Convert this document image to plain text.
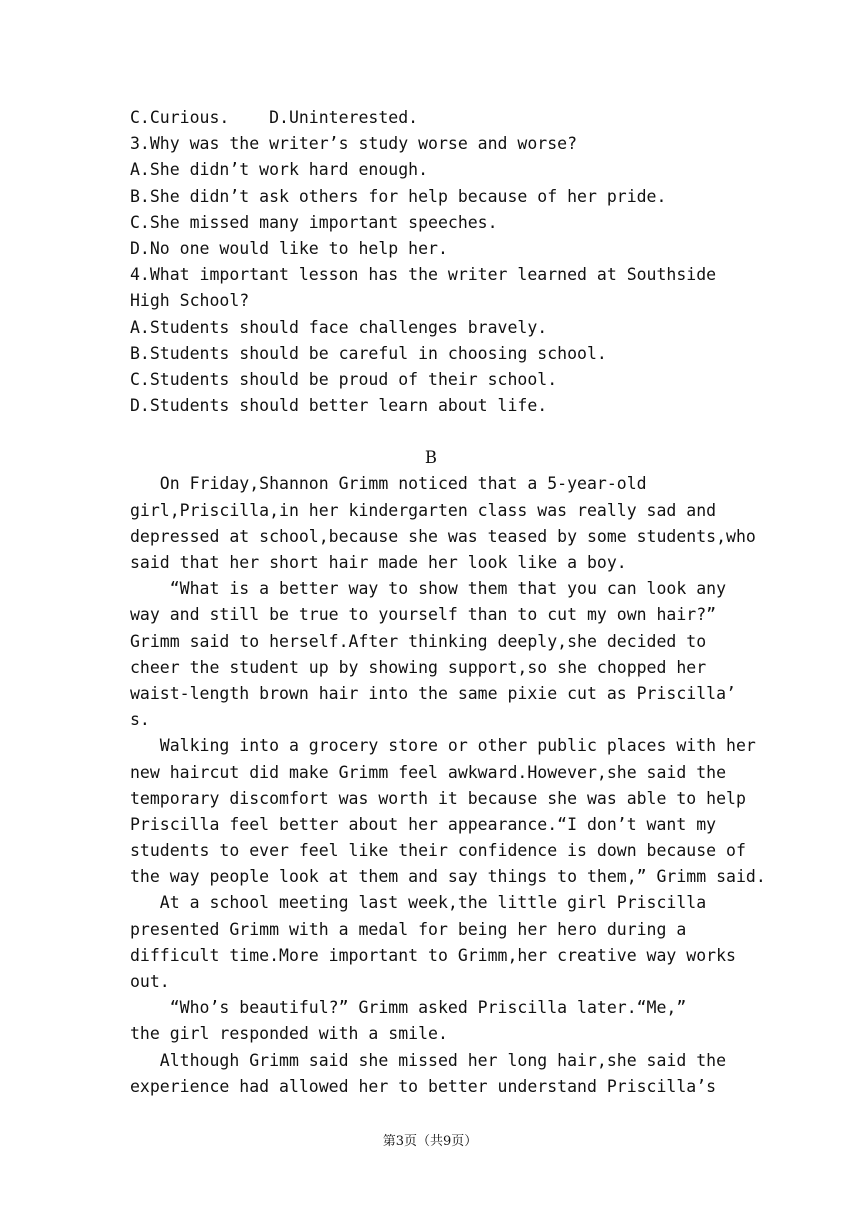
C.Curious.    D.Uninterested.
3.Why was the writer’s study worse and worse?
A.She didn’t work hard enough.
B.She didn’t ask others for help because of her pride.
C.She missed many important speeches.
D.No one would like to help her.
4.What important lesson has the writer learned at Southside
High School?
A.Students should face challenges bravely.
B.Students should be careful in choosing school.
C.Students should be proud of their school.
D.Students should better learn about life.
B
On Friday,Shannon Grimm noticed that a 5-year-old
girl,Priscilla,in her kindergarten class was really sad and
depressed at school,because she was teased by some students,who
said that her short hair made her look like a boy.
“What is a better way to show them that you can look any
way and still be true to yourself than to cut my own hair?”
Grimm said to herself.After thinking deeply,she decided to
cheer the student up by showing support,so she chopped her
waist-length brown hair into the same pixie cut as Priscilla’
s.
Walking into a grocery store or other public places with her
new haircut did make Grimm feel awkward.However,she said the
temporary discomfort was worth it because she was able to help
Priscilla feel better about her appearance.“I don’t want my
students to ever feel like their confidence is down because of
the way people look at them and say things to them,” Grimm said.
At a school meeting last week,the little girl Priscilla
presented Grimm with a medal for being her hero during a
difficult time.More important to Grimm,her creative way works
out.
“Who’s beautiful?” Grimm asked Priscilla later.“Me,”
the girl responded with a smile.
Although Grimm said she missed her long hair,she said the
experience had allowed her to better understand Priscilla’s
第3页（共9页）
